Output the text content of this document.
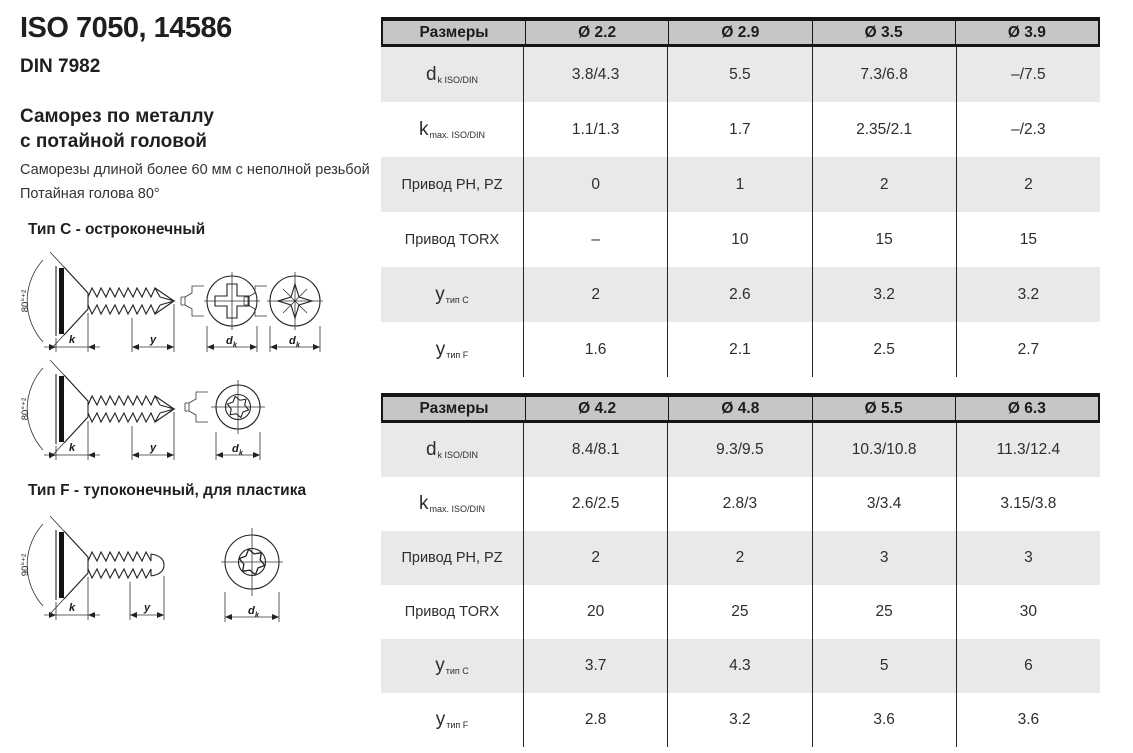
ISO 7050, 14586
DIN 7982
Саморез по металлу
с потайной головой
Саморезы длиной более 60 мм с неполной резьбой
Потайная голова 80°
Тип C - остроконечный
Тип F - тупоконечный, для пластика
k	y
80°⁺²
d k	d k
k	y
80°⁺²
d k
k	y
90°⁺²
d k
Размеры	Ø 2.2	Ø 2.9	Ø 3.5	Ø 3.9
d k ISO/DIN	3.8/4.3	5.5	7.3/6.8	–/7.5
k max. ISO/DIN	1.1/1.3	1.7	2.35/2.1	–/2.3
Привод PH, PZ	0	1	2	2
Привод TORX	–	10	15	15
y тип C	2	2.6	3.2	3.2
y тип F	1.6	2.1	2.5	2.7
Размеры	Ø 4.2	Ø 4.8	Ø 5.5	Ø 6.3
d k ISO/DIN	8.4/8.1	9.3/9.5	10.3/10.8	11.3/12.4
k max. ISO/DIN	2.6/2.5	2.8/3	3/3.4	3.15/3.8
Привод PH, PZ	2	2	3	3
Привод TORX	20	25	25	30
y тип C	3.7	4.3	5	6
y тип F	2.8	3.2	3.6	3.6
